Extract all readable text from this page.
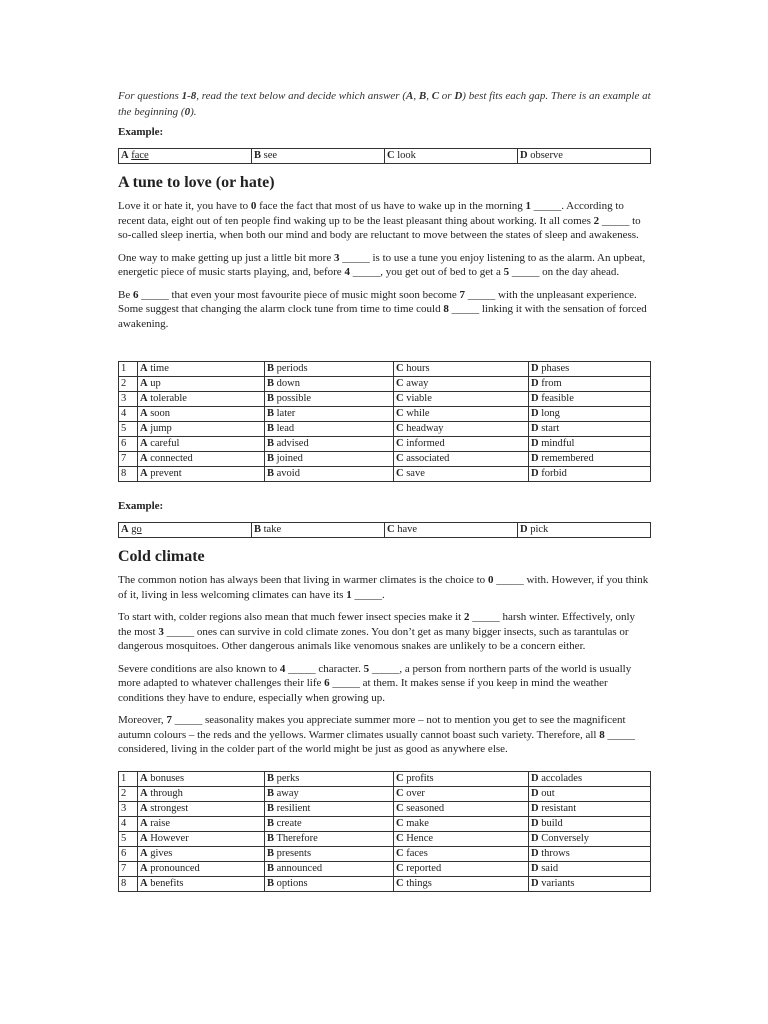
For questions 1-8, read the text below and decide which answer (A, B, C or D) best fits each gap. There is an example at the beginning (0).

Example:

A face	B see	C look	D observe
A tune to love (or hate)

Love it or hate it, you have to 0 face the fact that most of us have to wake up in the morning 1 _____. According to recent data, eight out of ten people find waking up to be the least pleasant thing about working. It all comes 2 _____ to so-called sleep inertia, when both our mind and body are reluctant to move between the states of sleep and awakeness.

One way to make getting up just a little bit more 3 _____ is to use a tune you enjoy listening to as the alarm. An upbeat, energetic piece of music starts playing, and, before 4 _____, you get out of bed to get a 5 _____ on the day ahead.

Be 6 _____ that even your most favourite piece of music might soon become 7 _____ with the unpleasant experience. Some suggest that changing the alarm clock tune from time to time could 8 _____ linking it with the sensation of forced awakening.

1	A time	B periods	C hours	D phases
2	A up	B down	C away	D from
3	A tolerable	B possible	C viable	D feasible
4	A soon	B later	C while	D long
5	A jump	B lead	C headway	D start
6	A careful	B advised	C informed	D mindful
7	A connected	B joined	C associated	D remembered
8	A prevent	B avoid	C save	D forbid

Example:

A go	B take	C have	D pick
Cold climate

The common notion has always been that living in warmer climates is the choice to 0 _____ with. However, if you think of it, living in less welcoming climates can have its 1 _____.

To start with, colder regions also mean that much fewer insect species make it 2 _____ harsh winter. Effectively, only the most 3 _____ ones can survive in cold climate zones. You don’t get as many bigger insects, such as tarantulas or dangerous mosquitoes. Other dangerous animals like venomous snakes are unlikely to be a concern either.

Severe conditions are also known to 4 _____ character. 5 _____, a person from northern parts of the world is usually more adapted to whatever challenges their life 6 _____ at them. It makes sense if you keep in mind the weather conditions they have to endure, especially when growing up.

Moreover, 7 _____ seasonality makes you appreciate summer more – not to mention you get to see the magnificent autumn colours – the reds and the yellows. Warmer climates usually cannot boast such variety. Therefore, all 8 _____ considered, living in the colder part of the world might be just as good as anywhere else.

1	A bonuses	B perks	C profits	D accolades
2	A through	B away	C over	D out
3	A strongest	B resilient	C seasoned	D resistant
4	A raise	B create	C make	D build
5	A However	B Therefore	C Hence	D Conversely
6	A gives	B presents	C faces	D throws
7	A pronounced	B announced	C reported	D said
8	A benefits	B options	C things	D variants
